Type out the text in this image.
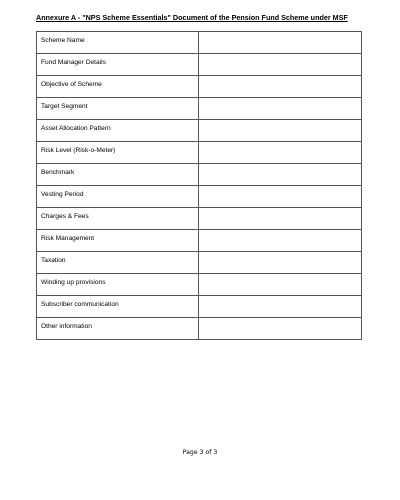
Annexure A - "NPS Scheme Essentials" Document of the Pension Fund Scheme under MSF
Scheme Name	
Fund Manager Details	
Objective of Scheme	
Target Segment	
Asset Allocation Pattern	
Risk Level (Risk-o-Meter)	
Benchmark	
Vesting Period	
Charges & Fees	
Risk Management	
Taxation	
Winding up provisions	
Subscriber communication	
Other information	
Page 3 of 3
